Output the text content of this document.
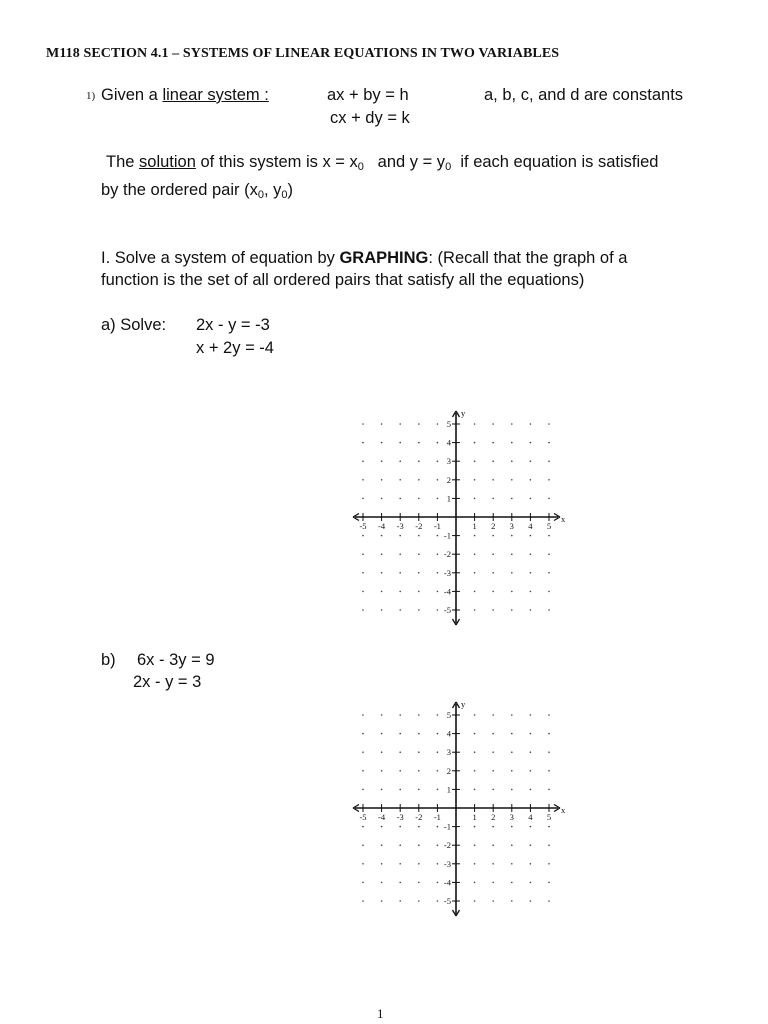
M118 SECTION 4.1 – SYSTEMS OF LINEAR EQUATIONS IN TWO VARIABLES
1) Given a linear system :	ax + by = h
cx + dy = k
a, b, c, and d are constants
The solution of this system is $x = x_0$ and $y = y_0$ if each equation is satisfied
by the ordered pair ($x_0$, $y_0$)
I. Solve a system of equation by GRAPHING: (Recall that the graph of a
function is the set of all ordered pairs that satisfy all the equations)
a) Solve: 2x - y = -3
x + 2y = -4
-5 -4 -3 -2 -1	1 2 3 4 5
5
4
3
2
1
-1
-2
-3
-4
-5
x
y
b) 6x - 3y = 9
2x - y = 3
-5 -4 -3 -2 -1	1 2 3 4 5
5
4
3
2
1
-1
-2
-3
-4
-5
x
y
1
